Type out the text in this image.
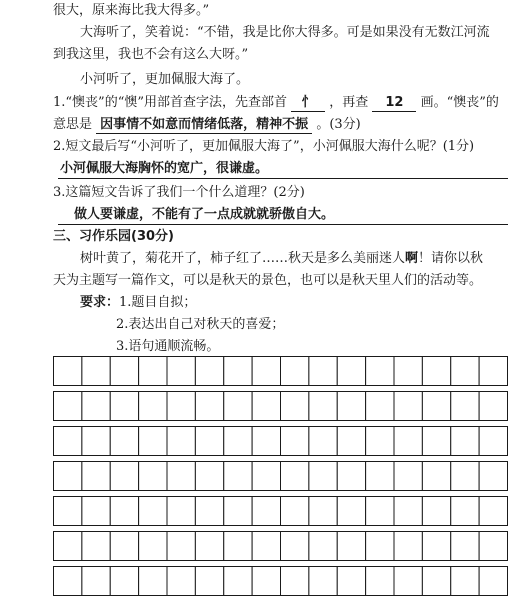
很大，原来海比我大得多。”
大海听了，笑着说：“不错，我是比你大得多。可是如果没有无数江河流
到我这里，我也不会有这么大呀。”
小河听了，更加佩服大海了。
1.“懊丧”的“懊”用部首查字法，先查部首 忄 ，再查 12 画。“懊丧”的
意思是 因事情不如意而情绪低落，精神不振 。(3分)
2.短文最后写“小河听了，更加佩服大海了”，小河佩服大海什么呢？(1分)
小河佩服大海胸怀的宽广，很谦虚。
3.这篇短文告诉了我们一个什么道理？(2分)
做人要谦虚，不能有了一点成就就骄傲自大。
三、习作乐园(30分)
树叶黄了，菊花开了，柿子红了……秋天是多么美丽迷人啊！请你以秋
天为主题写一篇作文，可以是秋天的景色，也可以是秋天里人们的活动等。
要求：1.题目自拟；
2.表达出自己对秋天的喜爱；
3.语句通顺流畅。
